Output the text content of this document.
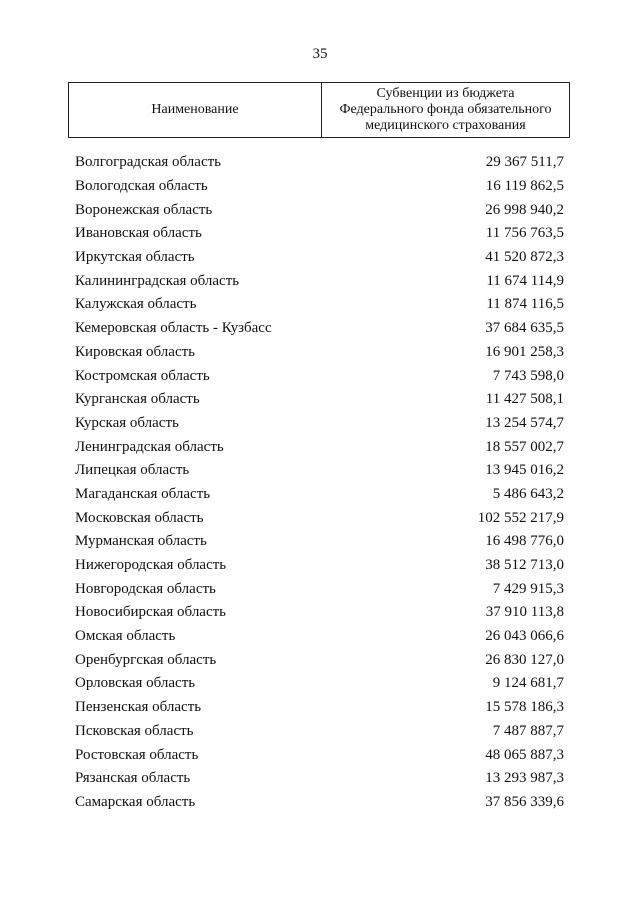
35
Наименование
Субвенции из бюджета
Федерального фонда обязательного
медицинского страхования
Волгоградская область	29 367 511,7
Вологодская область	16 119 862,5
Воронежская область	26 998 940,2
Ивановская область	11 756 763,5
Иркутская область	41 520 872,3
Калининградская область	11 674 114,9
Калужская область	11 874 116,5
Кемеровская область - Кузбасс	37 684 635,5
Кировская область	16 901 258,3
Костромская область	7 743 598,0
Курганская область	11 427 508,1
Курская область	13 254 574,7
Ленинградская область	18 557 002,7
Липецкая область	13 945 016,2
Магаданская область	5 486 643,2
Московская область	102 552 217,9
Мурманская область	16 498 776,0
Нижегородская область	38 512 713,0
Новгородская область	7 429 915,3
Новосибирская область	37 910 113,8
Омская область	26 043 066,6
Оренбургская область	26 830 127,0
Орловская область	9 124 681,7
Пензенская область	15 578 186,3
Псковская область	7 487 887,7
Ростовская область	48 065 887,3
Рязанская область	13 293 987,3
Самарская область	37 856 339,6
